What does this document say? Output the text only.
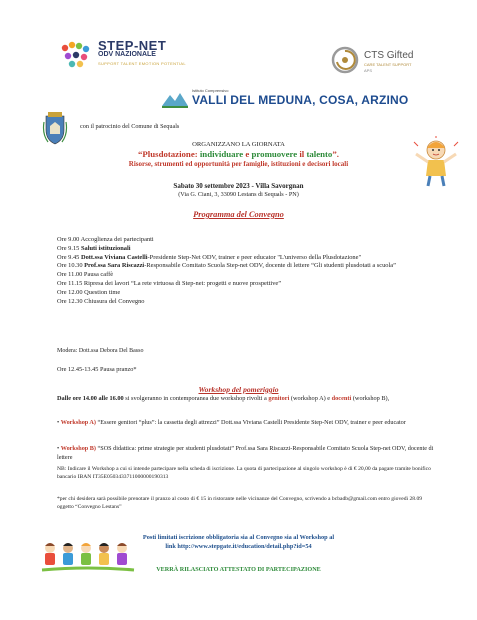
STEP-NET
ODV NAZIONALE
SUPPORT TALENT EMOTION POTENTIAL
CTS Gifted
CARE TALENT SUPPORT
APS
Istituto Comprensivo
VALLI DEL MEDUNA, COSA, ARZINO
con il patrocinio del Comune di Sequals
ORGANIZZANO LA GIORNATA
“Plusdotazione: individuare e promuovere il talento”.
Risorse, strumenti ed opportunità per famiglie, istituzioni e decisori locali
Sabato 30 settembre 2023 - Villa Savorgnan
(Via G. Ciani, 3, 33090 Lestans di Sequals - PN)
Programma del Convegno
Ore 9.00 Accoglienza dei partecipanti
Ore 9.15 Saluti istituzionali
Ore 9.45 Dott.ssa Viviana Castelli-Presidente Step-Net ODV, trainer e peer educator "L'universo della Plusdotazione"
Ore 10.30 Prof.ssa Sara Riscazzi-Responsabile Comitato Scuola Step-net ODV, docente di lettere “Gli studenti plusdotati a scuola”
Ore 11.00 Pausa caffè
Ore 11.15 Ripresa dei lavori “La rete virtuosa di Step-net: progetti e nuove prospettive”
Ore 12.00 Question time
Ore 12.30 Chiusura del Convegno
Modera: Dott.ssa Debora Del Basso
Ore 12.45-13.45 Pausa pranzo*
Workshop del pomeriggio
Dalle ore 14.00 alle 16.00 si svolgeranno in contemporanea due workshop rivolti a genitori (workshop A) e docenti (workshop B),
• Workshop A) “Essere genitori “plus”: la cassetta degli attrezzi” Dott.ssa Viviana Castelli Presidente Step-Net ODV, trainer e peer educator
• Workshop B) “SOS didattica: prime strategie per studenti plusdotati” Prof.ssa Sara Riscazzi-Responsabile Comitato Scuola Step-net ODV, docente di lettere
NB: Indicare il Workshop a cui si intende partecipare nella scheda di iscrizione. La quota di partecipazione al singolo workshop è di € 20,00 da pagare tramite bonifico bancario IBAN IT35E0503433711000000190313
*per chi desidera sarà possibile prenotare il pranzo al costo di € 15 in ristorante nelle vicinanze del Convegno, scrivendo a bcbadb@gmail.com entro giovedì 28.09 oggetto “Convegno Lestans”
Posti limitati iscrizione obbligatoria sia al Convegno sia al Workshop al
link http://www.stepgate.it/education/detail.php?id=54
VERRÀ RILASCIATO ATTESTATO DI PARTECIPAZIONE
